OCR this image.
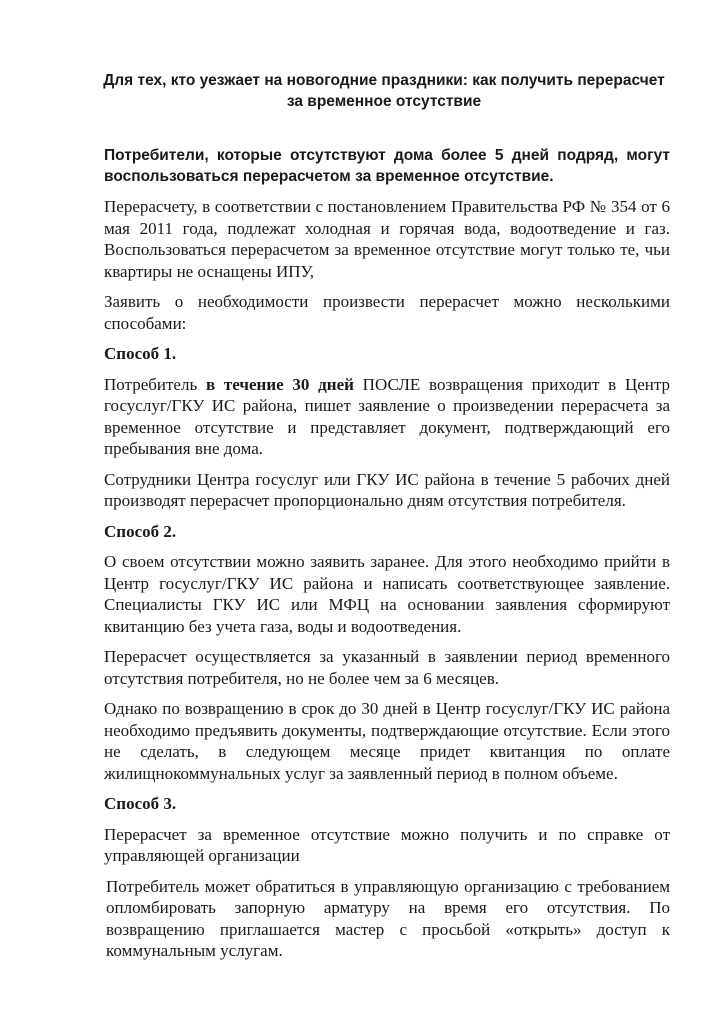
Для тех, кто уезжает на новогодние праздники: как получить перерасчет за временное отсутствие
Потребители, которые отсутствуют дома более 5 дней подряд, могут воспользоваться перерасчетом за временное отсутствие.

Перерасчету, в соответствии с постановлением Правительства РФ № 354 от 6 мая 2011 года, подлежат холодная и горячая вода, водоотведение и газ. Воспользоваться перерасчетом за временное отсутствие могут только те, чьи квартиры не оснащены ИПУ,

Заявить о необходимости произвести перерасчет можно несколькими способами:

Способ 1.

Потребитель в течение 30 дней ПОСЛЕ возвращения приходит в Центр госуслуг/ГКУ ИС района, пишет заявление о произведении перерасчета за временное отсутствие и представляет документ, подтверждающий его пребывания вне дома.

Сотрудники Центра госуслуг или ГКУ ИС района в течение 5 рабочих дней производят перерасчет пропорционально дням отсутствия потребителя.

Способ 2.

О своем отсутствии можно заявить заранее. Для этого необходимо прийти в Центр госуслуг/ГКУ ИС района и написать соответствующее заявление. Специалисты ГКУ ИС или МФЦ на основании заявления сформируют квитанцию без учета газа, воды и водоотведения.

Перерасчет осуществляется за указанный в заявлении период временного отсутствия потребителя, но не более чем за 6 месяцев.

Однако по возвращению в срок до 30 дней в Центр госуслуг/ГКУ ИС района необходимо предъявить документы, подтверждающие отсутствие. Если этого не сделать, в следующем месяце придет квитанция по оплате жилищнокоммунальных услуг за заявленный период в полном объеме.

Способ 3.

Перерасчет за временное отсутствие можно получить и по справке от управляющей организации

Потребитель может обратиться в управляющую организацию с требованием опломбировать запорную арматуру на время его отсутствия. По возвращению приглашается мастер с просьбой «открыть» доступ к коммунальным услугам.
